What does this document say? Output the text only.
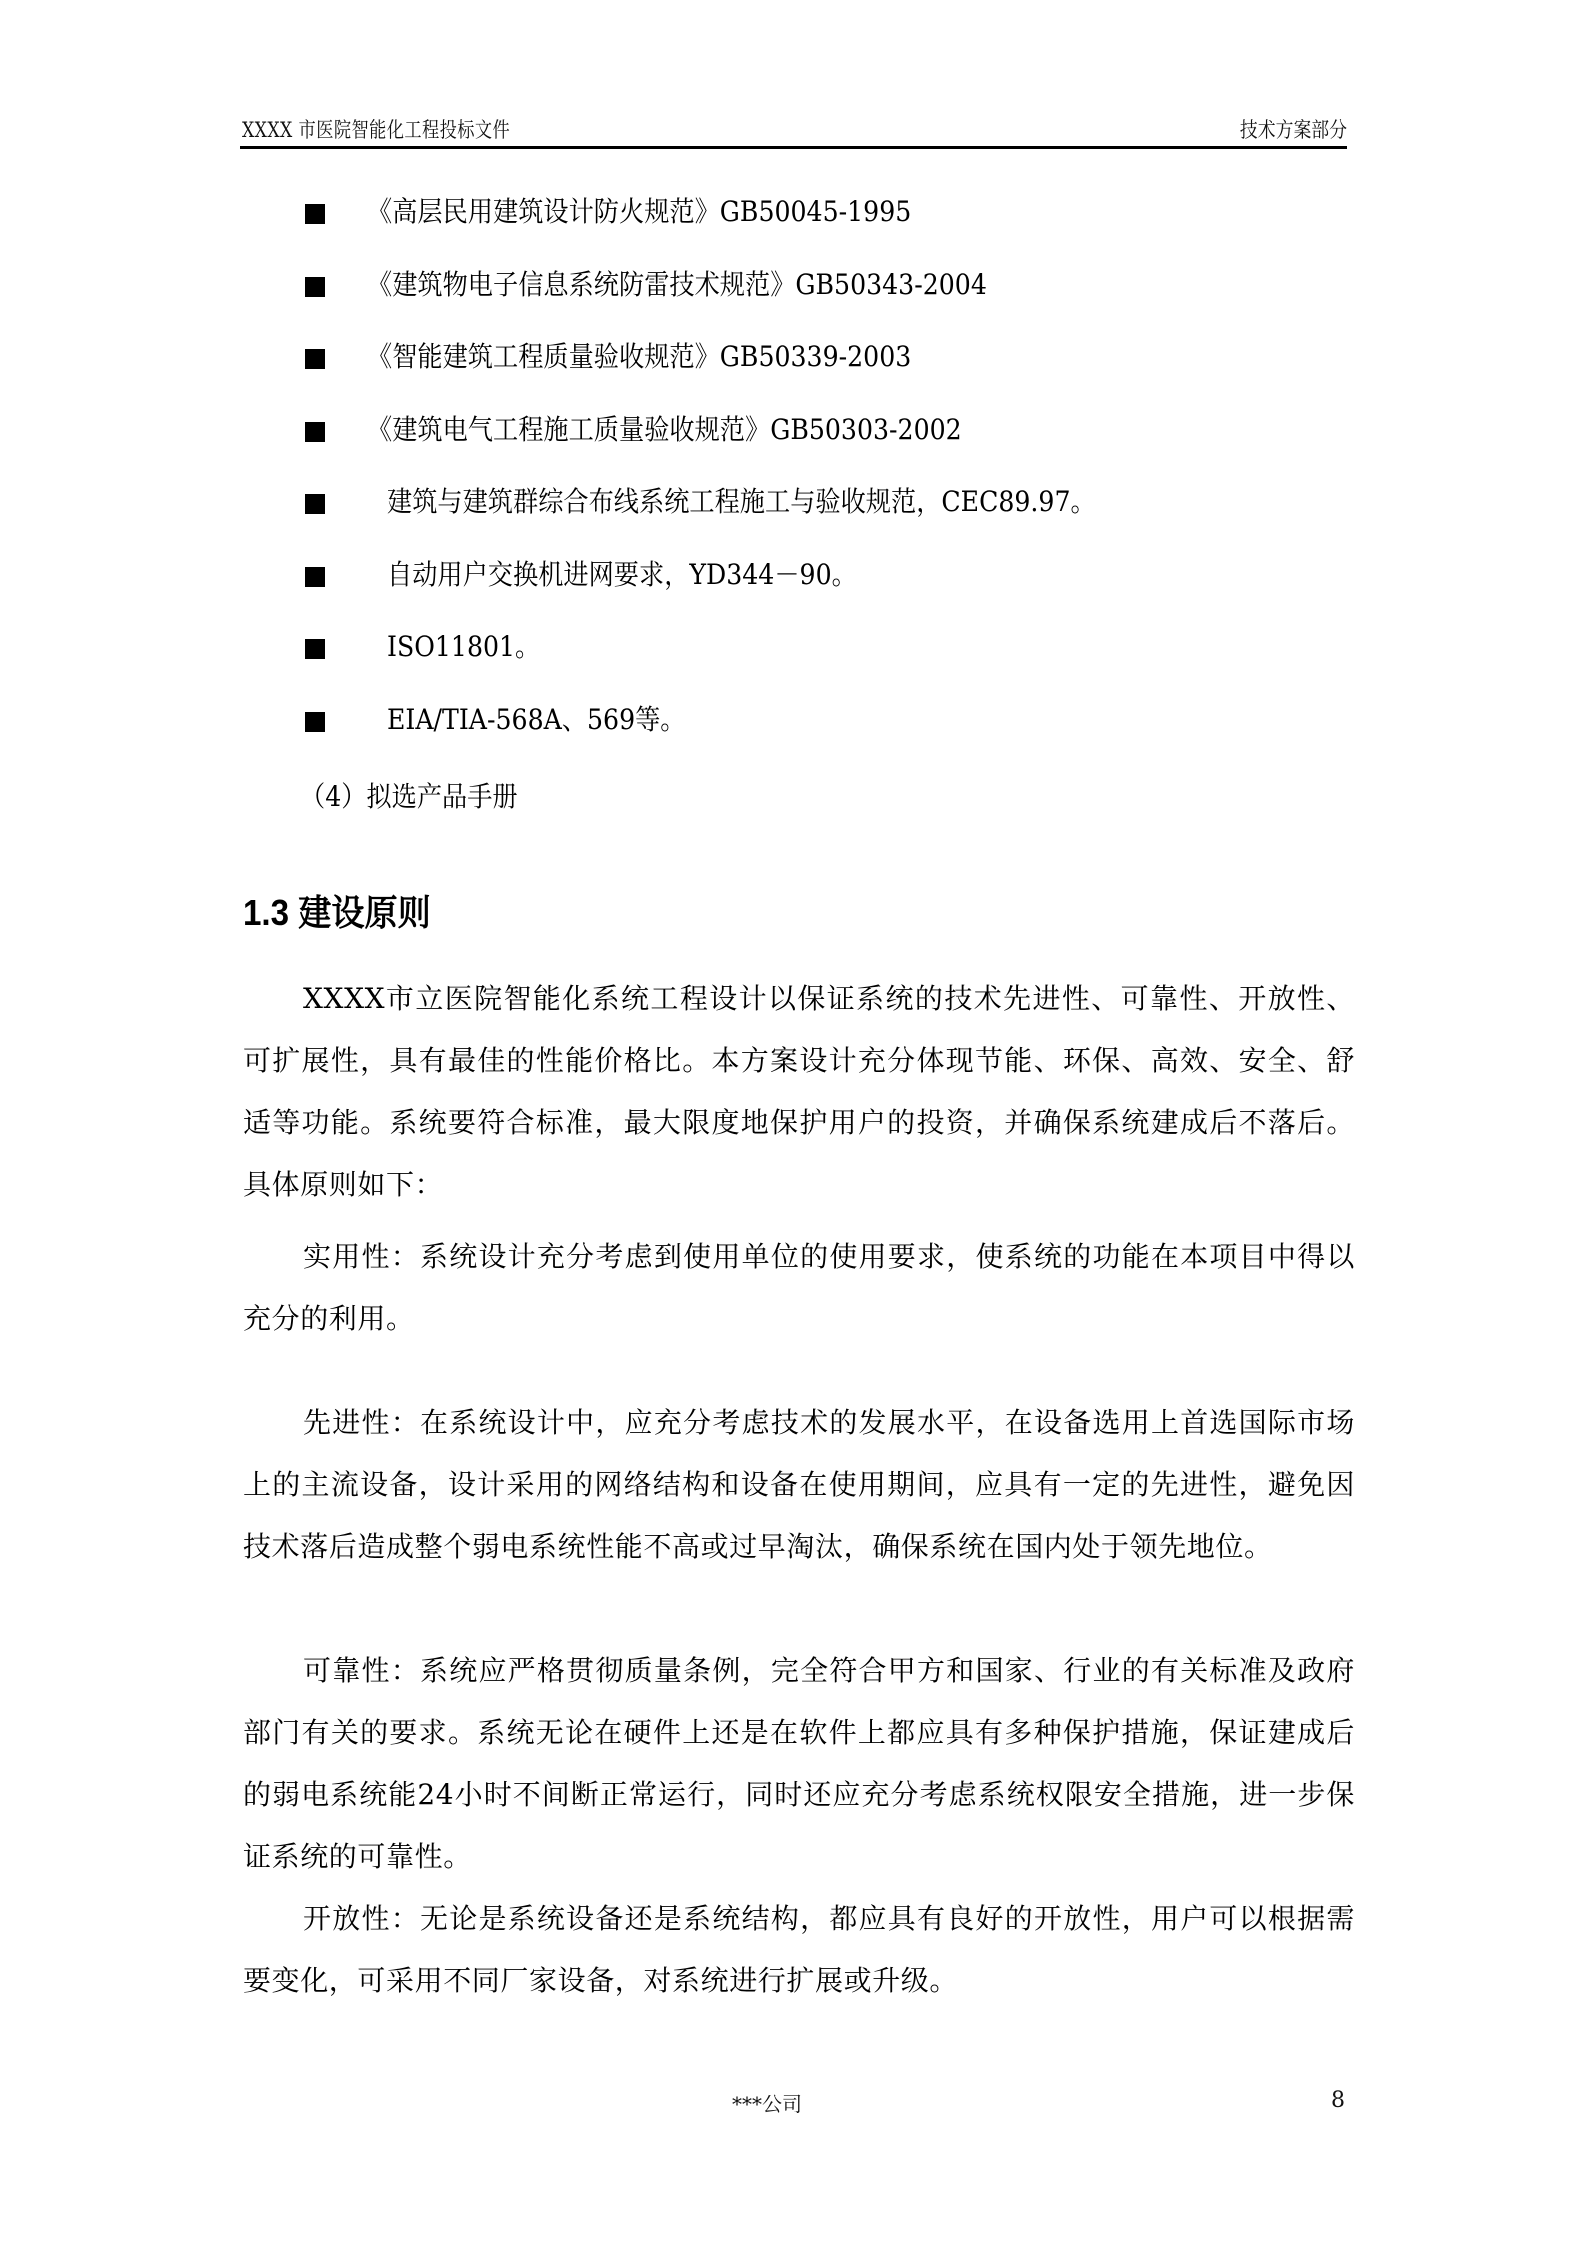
XXXX 市医院智能化工程投标文件	技术方案部分
《高层民用建筑设计防火规范》GB50045-1995
《建筑物电子信息系统防雷技术规范》GB50343-2004
《智能建筑工程质量验收规范》GB50339-2003
《建筑电气工程施工质量验收规范》GB50303-2002
建筑与建筑群综合布线系统工程施工与验收规范，CEC89.97。
自动用户交换机进网要求，YD344－90。
ISO11801。
EIA/TIA-568A、569等。
（4）拟选产品手册
1.3 建设原则

XXXX市立医院智能化系统工程设计以保证系统的技术先进性、可靠性、开放性、可扩展性，具有最佳的性能价格比。本方案设计充分体现节能、环保、高效、安全、舒适等功能。系统要符合标准，最大限度地保护用户的投资，并确保系统建成后不落后。具体原则如下：

实用性：系统设计充分考虑到使用单位的使用要求，使系统的功能在本项目中得以充分的利用。

先进性：在系统设计中，应充分考虑技术的发展水平，在设备选用上首选国际市场上的主流设备，设计采用的网络结构和设备在使用期间，应具有一定的先进性，避免因技术落后造成整个弱电系统性能不高或过早淘汰，确保系统在国内处于领先地位。

可靠性：系统应严格贯彻质量条例，完全符合甲方和国家、行业的有关标准及政府部门有关的要求。系统无论在硬件上还是在软件上都应具有多种保护措施，保证建成后的弱电系统能24小时不间断正常运行，同时还应充分考虑系统权限安全措施，进一步保证系统的可靠性。

开放性：无论是系统设备还是系统结构，都应具有良好的开放性，用户可以根据需要变化，可采用不同厂家设备，对系统进行扩展或升级。

***公司	8
